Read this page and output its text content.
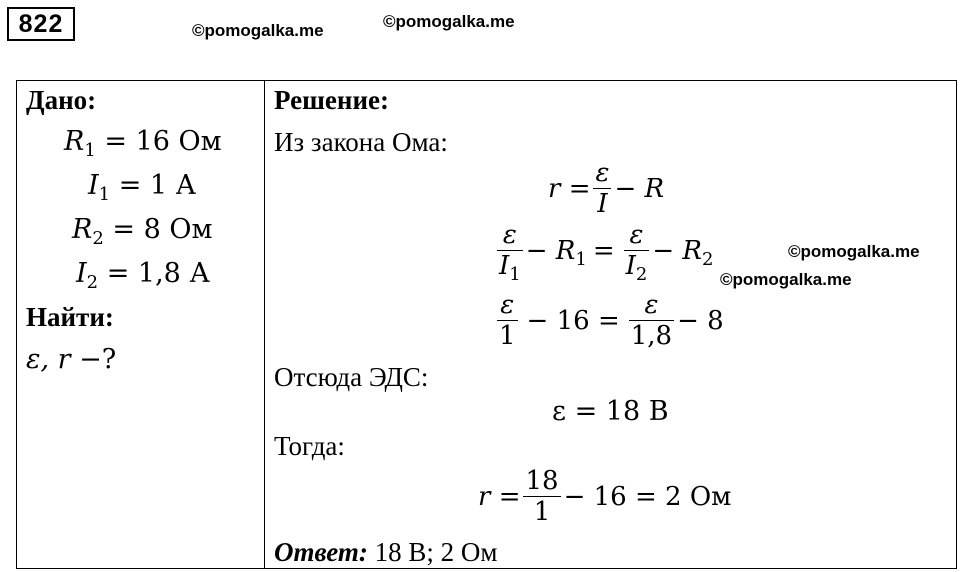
822	©pomogalka.me	©pomogalka.me
Дано:
$R_1 = 16$ Ом
$I_1 = 1$ А
$R_2 = 8$ Ом
$I_2 = 1,8$ А
Найти:
ε, r −?
Решение:
Из закона Ома:
$r = \frac{\varepsilon}{I} - R$
$\frac{\varepsilon}{I_1} - R_1 = \frac{\varepsilon}{I_2} - R_2$
$\frac{\varepsilon}{1} - 16 = \frac{\varepsilon}{1,8} - 8$
Отсюда ЭДС:
ε = 18 В
Тогда:
$r = \frac{18}{1} - 16 = 2$ Ом
Ответ: 18 В; 2 Ом
©pomogalka.me
©pomogalka.me
